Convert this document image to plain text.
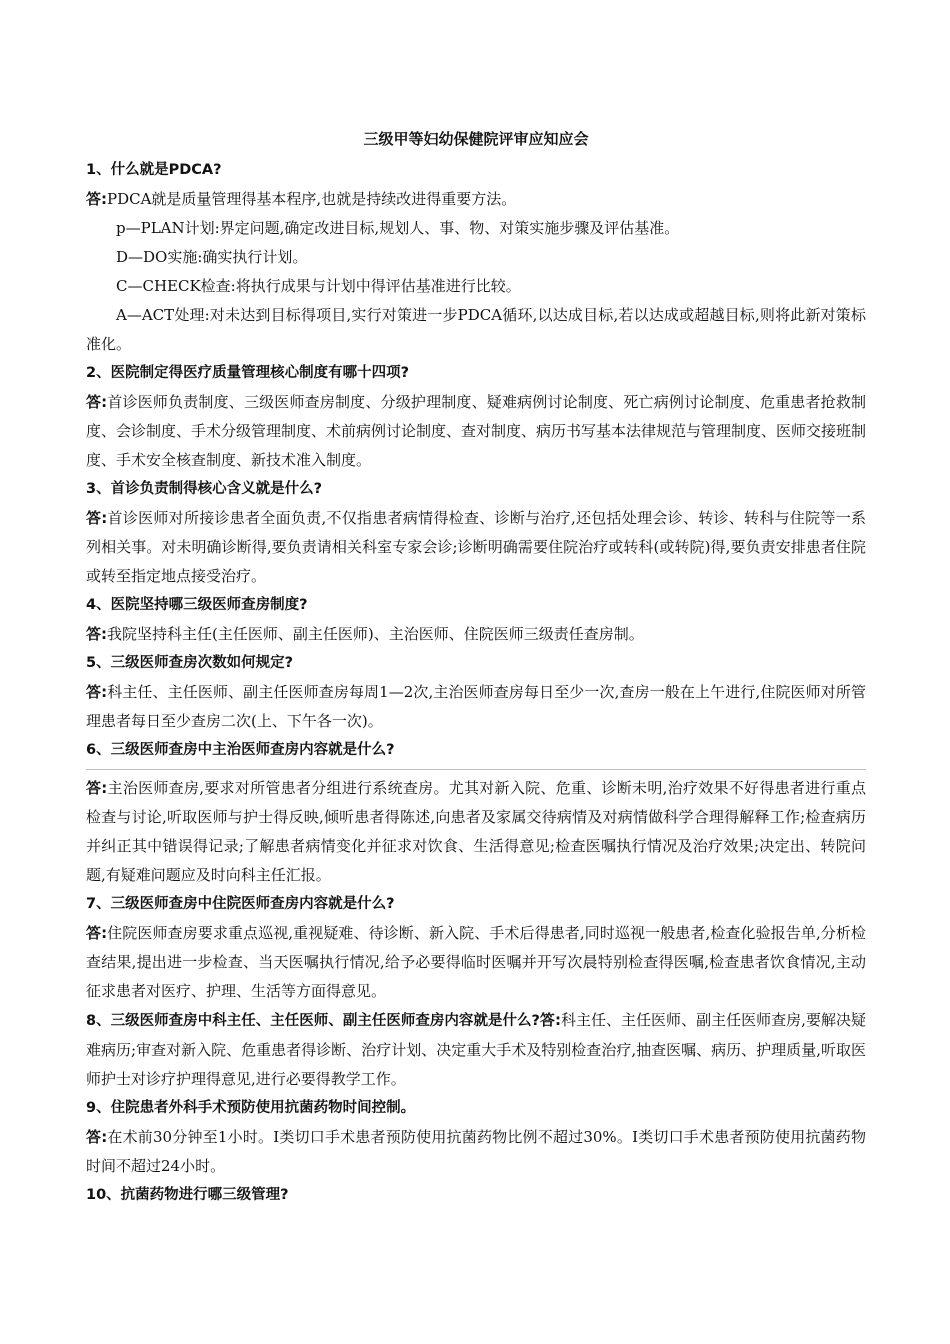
三级甲等妇幼保健院评审应知应会
1、什么就是PDCA?
答:PDCA就是质量管理得基本程序,也就是持续改进得重要方法。
p—PLAN计划:界定问题,确定改进目标,规划人、事、物、对策实施步骤及评估基准。
D—DO实施:确实执行计划。
C—CHECK检查:将执行成果与计划中得评估基准进行比较。
A—ACT处理:对未达到目标得项目,实行对策进一步PDCA循环,以达成目标,若以达成或超越目标,则将此新对策标准化。
2、医院制定得医疗质量管理核心制度有哪十四项?
答:首诊医师负责制度、三级医师查房制度、分级护理制度、疑难病例讨论制度、死亡病例讨论制度、危重患者抢救制度、会诊制度、手术分级管理制度、术前病例讨论制度、查对制度、病历书写基本法律规范与管理制度、医师交接班制度、手术安全核查制度、新技术准入制度。
3、首诊负责制得核心含义就是什么?
答:首诊医师对所接诊患者全面负责,不仅指患者病情得检查、诊断与治疗,还包括处理会诊、转诊、转科与住院等一系列相关事。对未明确诊断得,要负责请相关科室专家会诊;诊断明确需要住院治疗或转科(或转院)得,要负责安排患者住院或转至指定地点接受治疗。
4、医院坚持哪三级医师查房制度?
答:我院坚持科主任(主任医师、副主任医师)、主治医师、住院医师三级责任查房制。
5、三级医师查房次数如何规定?
答:科主任、主任医师、副主任医师查房每周1—2次,主治医师查房每日至少一次,查房一般在上午进行,住院医师对所管理患者每日至少查房二次(上、下午各一次)。
6、三级医师查房中主治医师查房内容就是什么?
答:主治医师查房,要求对所管患者分组进行系统查房。尤其对新入院、危重、诊断未明,治疗效果不好得患者进行重点检查与讨论,听取医师与护士得反映,倾听患者得陈述,向患者及家属交待病情及对病情做科学合理得解释工作;检查病历并纠正其中错误得记录;了解患者病情变化并征求对饮食、生活得意见;检查医嘱执行情况及治疗效果;决定出、转院问题,有疑难问题应及时向科主任汇报。
7、三级医师查房中住院医师查房内容就是什么?
答:住院医师查房要求重点巡视,重视疑难、待诊断、新入院、手术后得患者,同时巡视一般患者,检查化验报告单,分析检查结果,提出进一步检查、当天医嘱执行情况,给予必要得临时医嘱并开写次晨特别检查得医嘱,检查患者饮食情况,主动征求患者对医疗、护理、生活等方面得意见。
8、三级医师查房中科主任、主任医师、副主任医师查房内容就是什么?答:科主任、主任医师、副主任医师查房,要解决疑难病历;审查对新入院、危重患者得诊断、治疗计划、决定重大手术及特别检查治疗,抽查医嘱、病历、护理质量,听取医师护士对诊疗护理得意见,进行必要得教学工作。
9、住院患者外科手术预防使用抗菌药物时间控制。
答:在术前30分钟至1小时。Ⅰ类切口手术患者预防使用抗菌药物比例不超过30%。Ⅰ类切口手术患者预防使用抗菌药物时间不超过24小时。
10、抗菌药物进行哪三级管理?
